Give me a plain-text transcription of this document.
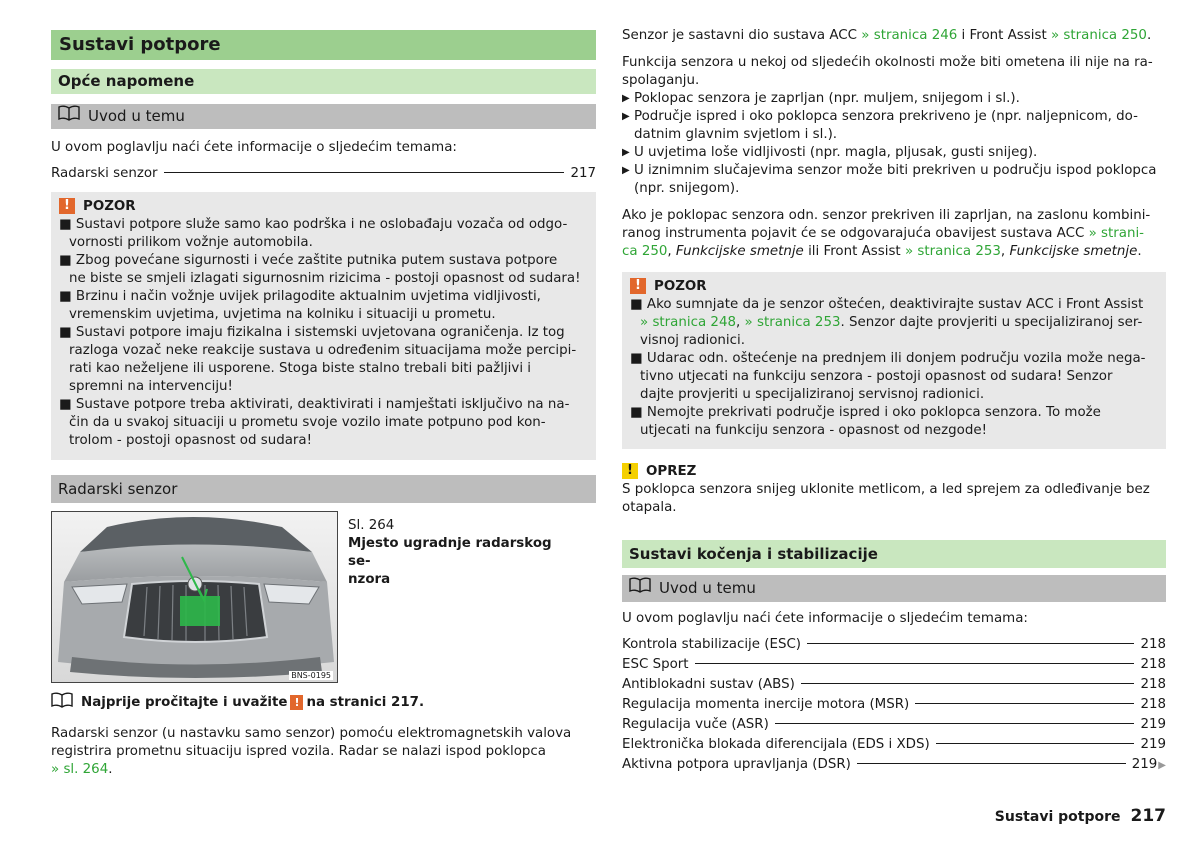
Sustavi potpore
Opće napomene
Uvod u temu
U ovom poglavlju naći ćete informacije o sljedećim temama:
Radarski senzor	217
! POZOR
■ Sustavi potpore služe samo kao podrška i ne oslobađaju vozača od odgo-
vornosti prilikom vožnje automobila.
■ Zbog povećane sigurnosti i veće zaštite putnika putem sustava potpore
ne biste se smjeli izlagati sigurnosnim rizicima - postoji opasnost od sudara!
■ Brzinu i način vožnje uvijek prilagodite aktualnim uvjetima vidljivosti,
vremenskim uvjetima, uvjetima na kolniku i situaciji u prometu.
■ Sustavi potpore imaju fizikalna i sistemski uvjetovana ograničenja. Iz tog
razloga vozač neke reakcije sustava u određenim situacijama može percipi-
rati kao neželjene ili usporene. Stoga biste stalno trebali biti pažljivi i
spremni na intervenciju!
■ Sustave potpore treba aktivirati, deaktivirati i namještati isključivo na na-
čin da u svakoj situaciji u prometu svoje vozilo imate potpuno pod kon-
trolom - postoji opasnost od sudara!
Radarski senzor
BNS-0195
Sl. 264
Mjesto ugradnje radarskog se-
nzora
Najprije pročitajte i uvažite ! na stranici 217.
Radarski senzor (u nastavku samo senzor) pomoću elektromagnetskih valova
registrira prometnu situaciju ispred vozila. Radar se nalazi ispod poklopca
» sl. 264.
Senzor je sastavni dio sustava ACC » stranica 246 i Front Assist » stranica 250.
Funkcija senzora u nekoj od sljedećih okolnosti može biti ometena ili nije na ra-
spolaganju.
▶ Poklopac senzora je zaprljan (npr. muljem, snijegom i sl.).
▶ Područje ispred i oko poklopca senzora prekriveno je (npr. naljepnicom, do-
datnim glavnim svjetlom i sl.).
▶ U uvjetima loše vidljivosti (npr. magla, pljusak, gusti snijeg).
▶ U iznimnim slučajevima senzor može biti prekriven u području ispod poklopca
(npr. snijegom).
Ako je poklopac senzora odn. senzor prekriven ili zaprljan, na zaslonu kombini-
ranog instrumenta pojavit će se odgovarajuća obavijest sustava ACC » strani-
ca 250, Funkcijske smetnje ili Front Assist » stranica 253, Funkcijske smetnje.
! POZOR
■ Ako sumnjate da je senzor oštećen, deaktivirajte sustav ACC i Front Assist
» stranica 248, » stranica 253. Senzor dajte provjeriti u specijaliziranoj ser-
visnoj radionici.
■ Udarac odn. oštećenje na prednjem ili donjem području vozila može nega-
tivno utjecati na funkciju senzora - postoji opasnost od sudara! Senzor
dajte provjeriti u specijaliziranoj servisnoj radionici.
■ Nemojte prekrivati područje ispred i oko poklopca senzora. To može
utjecati na funkciju senzora - opasnost od nezgode!
! OPREZ
S poklopca senzora snijeg uklonite metlicom, a led sprejem za odleđivanje bez
otapala.
Sustavi kočenja i stabilizacije
Uvod u temu
U ovom poglavlju naći ćete informacije o sljedećim temama:
Kontrola stabilizacije (ESC)	218
ESC Sport	218
Antiblokadni sustav (ABS)	218
Regulacija momenta inercije motora (MSR)	218
Regulacija vuče (ASR)	219
Elektronička blokada diferencijala (EDS i XDS)	219
Aktivna potpora upravljanja (DSR)	219 ▶
Sustavi potpore 217
